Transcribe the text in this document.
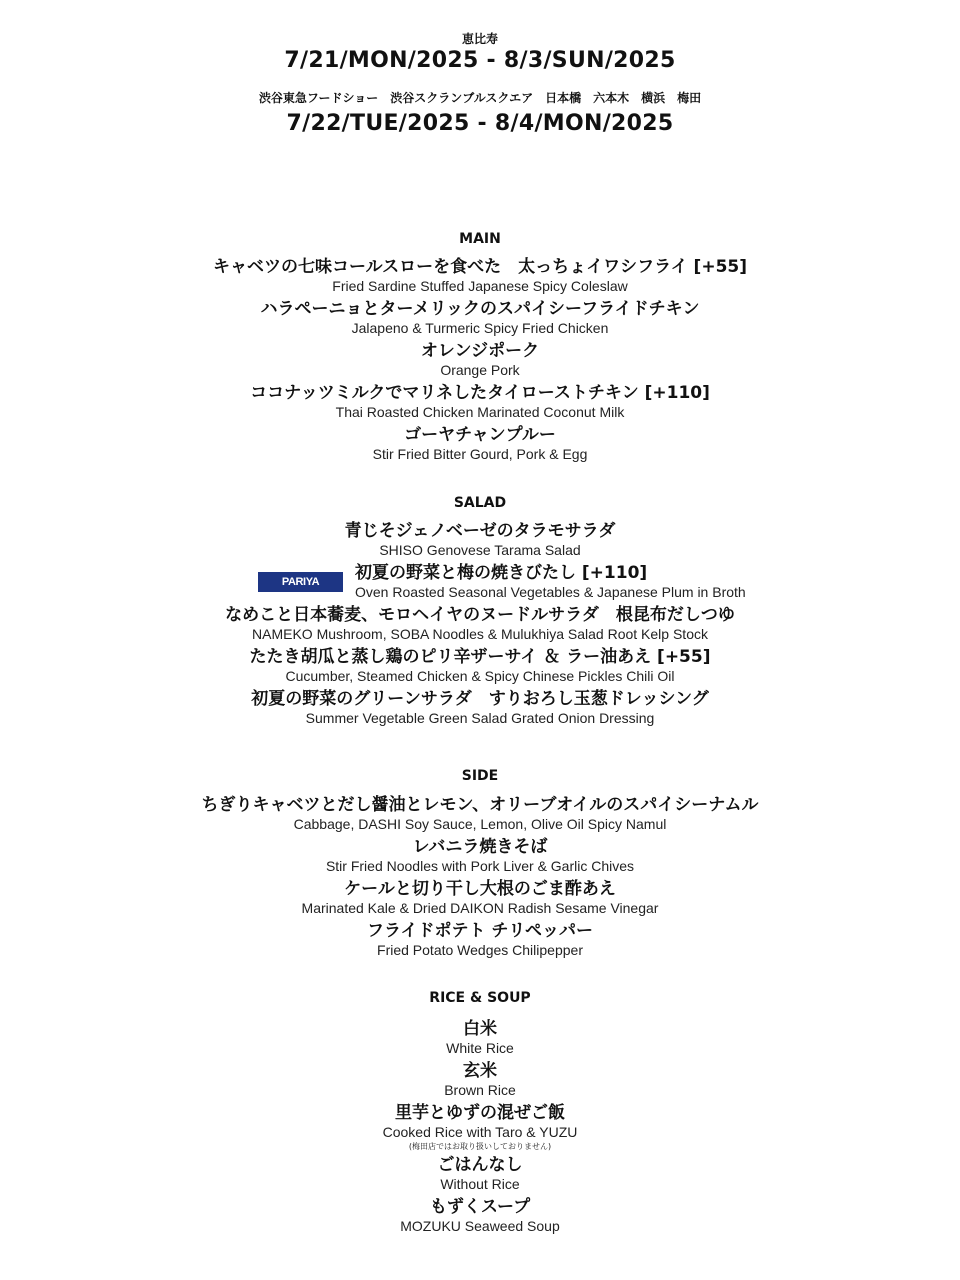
恵比寿
7/21/MON/2025 - 8/3/SUN/2025
渋谷東急フードショー　渋谷スクランブルスクエア　日本橋　六本木　横浜　梅田
7/22/TUE/2025 - 8/4/MON/2025
MAIN
キャベツの七味コールスローを食べた　太っちょイワシフライ [+55]
Fried Sardine Stuffed Japanese Spicy Coleslaw
ハラペーニョとターメリックのスパイシーフライドチキン
Jalapeno & Turmeric Spicy Fried Chicken
オレンジポーク
Orange Pork
ココナッツミルクでマリネしたタイローストチキン [+110]
Thai Roasted Chicken Marinated Coconut Milk
ゴーヤチャンプルー
Stir Fried Bitter Gourd, Pork & Egg
SALAD
青じそジェノベーゼのタラモサラダ
SHISO Genovese Tarama Salad
PARIYA CLASSICS
初夏の野菜と梅の焼きびたし [+110]
Oven Roasted Seasonal Vegetables & Japanese Plum in Broth
なめこと日本蕎麦、モロヘイヤのヌードルサラダ　根昆布だしつゆ
NAMEKO Mushroom, SOBA Noodles & Mulukhiya Salad Root Kelp Stock
たたき胡瓜と蒸し鶏のピリ辛ザーサイ ＆ ラー油あえ [+55]
Cucumber, Steamed Chicken & Spicy Chinese Pickles Chili Oil
初夏の野菜のグリーンサラダ　すりおろし玉葱ドレッシング
Summer Vegetable Green Salad Grated Onion Dressing
SIDE
ちぎりキャベツとだし醤油とレモン、オリーブオイルのスパイシーナムル
Cabbage, DASHI Soy Sauce, Lemon, Olive Oil Spicy Namul
レバニラ焼きそば
Stir Fried Noodles with Pork Liver & Garlic Chives
ケールと切り干し大根のごま酢あえ
Marinated Kale & Dried DAIKON Radish Sesame Vinegar
フライドポテト チリペッパー
Fried Potato Wedges Chilipepper
RICE & SOUP
白米
White Rice
玄米
Brown Rice
里芋とゆずの混ぜご飯
Cooked Rice with Taro & YUZU
(梅田店ではお取り扱いしておりません)
ごはんなし
Without Rice
もずくスープ
MOZUKU Seaweed Soup
